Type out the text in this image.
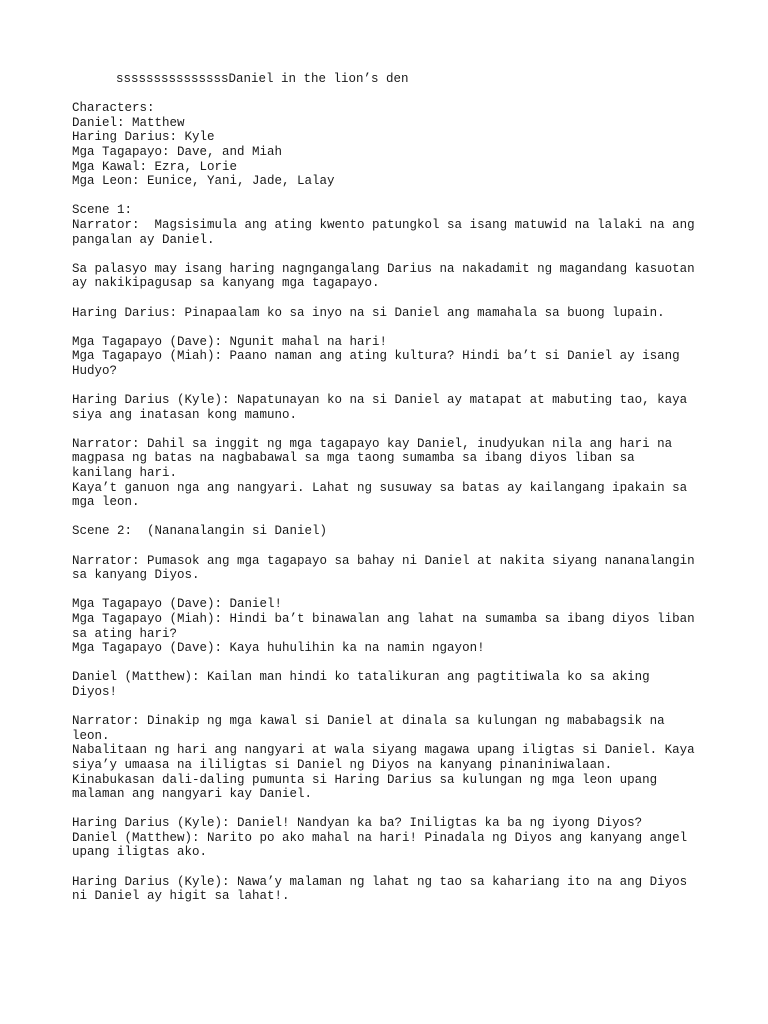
sssssssssssssssDaniel in the lion’s den
Characters:
Daniel: Matthew
Haring Darius: Kyle
Mga Tagapayo: Dave, and Miah
Mga Kawal: Ezra, Lorie
Mga Leon: Eunice, Yani, Jade, Lalay
Scene 1:
Narrator:  Magsisimula ang ating kwento patungkol sa isang matuwid na lalaki na ang
pangalan ay Daniel.
Sa palasyo may isang haring nagngangalang Darius na nakadamit ng magandang kasuotan
ay nakikipagusap sa kanyang mga tagapayo.
Haring Darius: Pinapaalam ko sa inyo na si Daniel ang mamahala sa buong lupain.
Mga Tagapayo (Dave): Ngunit mahal na hari!
Mga Tagapayo (Miah): Paano naman ang ating kultura? Hindi ba’t si Daniel ay isang
Hudyo?
Haring Darius (Kyle): Napatunayan ko na si Daniel ay matapat at mabuting tao, kaya
siya ang inatasan kong mamuno.
Narrator: Dahil sa inggit ng mga tagapayo kay Daniel, inudyukan nila ang hari na
magpasa ng batas na nagbabawal sa mga taong sumamba sa ibang diyos liban sa
kanilang hari.
Kaya’t ganuon nga ang nangyari. Lahat ng susuway sa batas ay kailangang ipakain sa
mga leon.
Scene 2:  (Nananalangin si Daniel)
Narrator: Pumasok ang mga tagapayo sa bahay ni Daniel at nakita siyang nananalangin
sa kanyang Diyos.
Mga Tagapayo (Dave): Daniel!
Mga Tagapayo (Miah): Hindi ba’t binawalan ang lahat na sumamba sa ibang diyos liban
sa ating hari?
Mga Tagapayo (Dave): Kaya huhulihin ka na namin ngayon!
Daniel (Matthew): Kailan man hindi ko tatalikuran ang pagtitiwala ko sa aking
Diyos!
Narrator: Dinakip ng mga kawal si Daniel at dinala sa kulungan ng mababagsik na
leon.
Nabalitaan ng hari ang nangyari at wala siyang magawa upang iligtas si Daniel. Kaya
siya’y umaasa na ililigtas si Daniel ng Diyos na kanyang pinaniniwalaan.
Kinabukasan dali-daling pumunta si Haring Darius sa kulungan ng mga leon upang
malaman ang nangyari kay Daniel.
Haring Darius (Kyle): Daniel! Nandyan ka ba? Iniligtas ka ba ng iyong Diyos?
Daniel (Matthew): Narito po ako mahal na hari! Pinadala ng Diyos ang kanyang angel
upang iligtas ako.
Haring Darius (Kyle): Nawa’y malaman ng lahat ng tao sa kahariang ito na ang Diyos
ni Daniel ay higit sa lahat!.
